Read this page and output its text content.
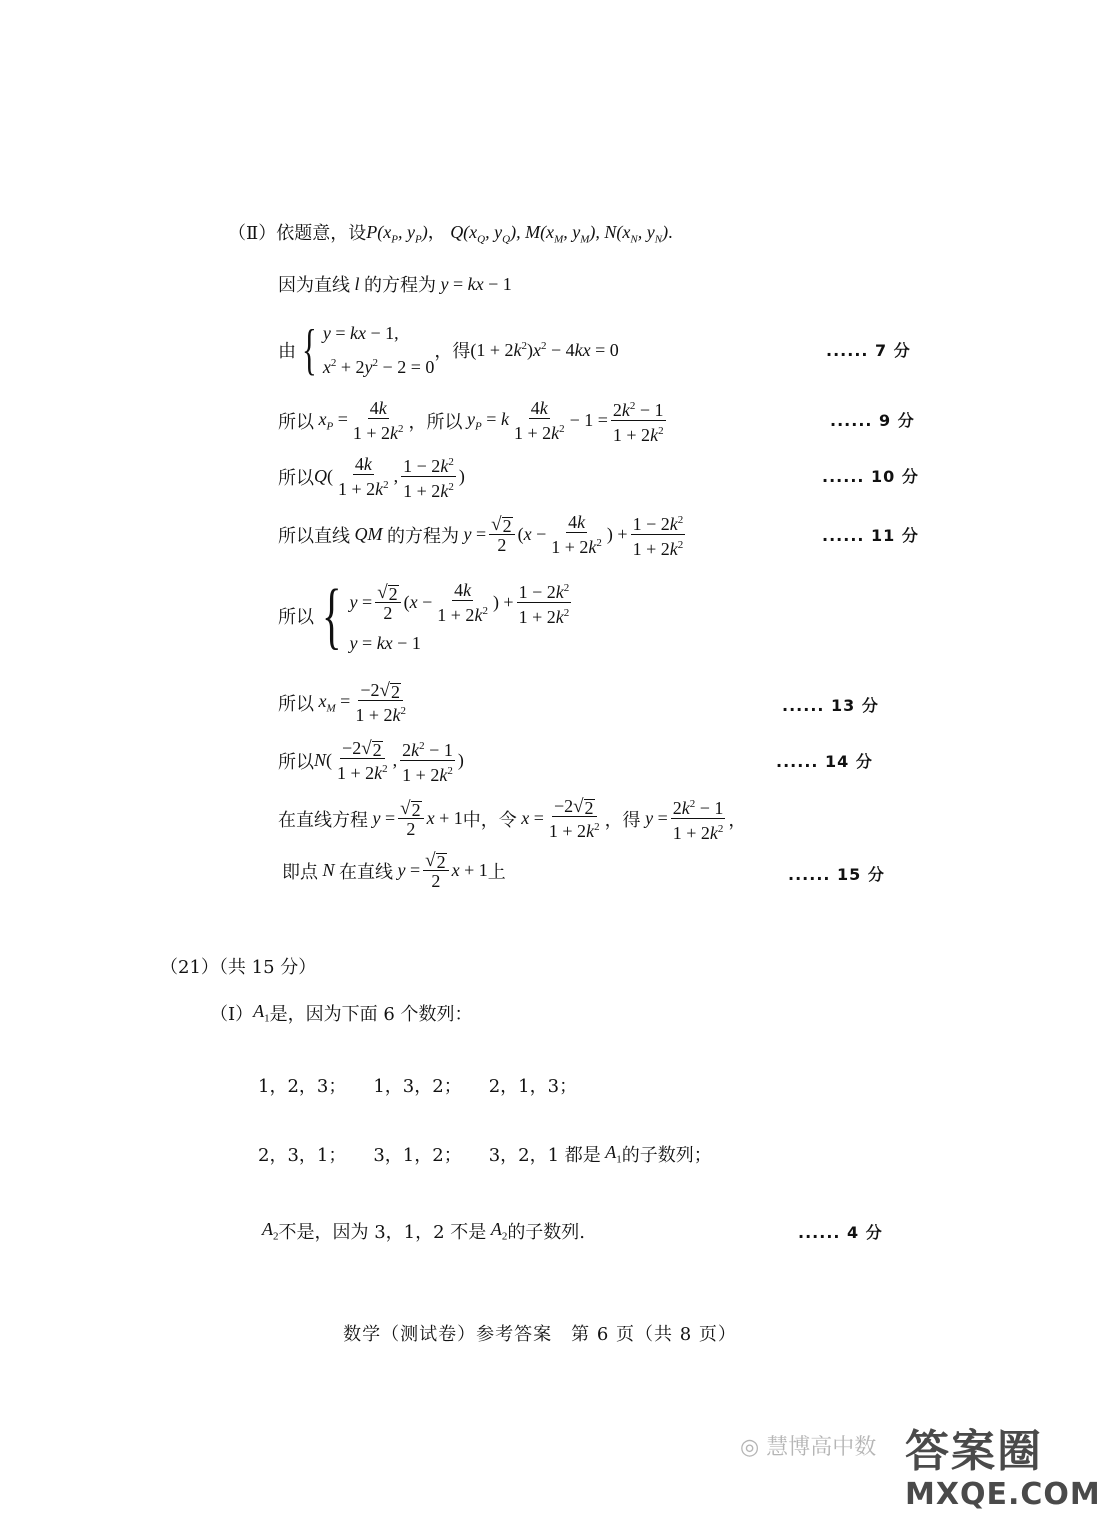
（Ⅱ）依题意，设 $P(x_P$, $y_P$)， $Q(x_Q$, $y_Q$), $M(x_M$, $y_M$), $N(x_N$, $y_N$).
因为直线 l 的方程为 y = kx − 1
由 { y = kx − 1,
$x^2 + 2y^2 - 2 = 0$
，得 $(1 + 2k^2)x^2 - 4kx = 0$	...... 7 分
所以 $x_P = \frac{4k}{1 + 2k^2}$ ，所以 $y_P = k \frac{4k}{1 + 2k^2} - 1 = \frac{2k^2 - 1}{1 + 2k^2}$	...... 9 分
所以 $Q( \frac{4k}{1 + 2k^2}$ , $\frac{1 - 2k^2}{1 + 2k^2}$ )	...... 10 分
所以直线 QM 的方程为 $y = \frac{√ 2}{2} (x - \frac{4k}{1 + 2k^2}$ ) + $\frac{1 - 2k^2}{1 + 2k^2}$	...... 11 分
所以 { $y = \frac{√ 2}{2}$ ( $x - \frac{4k}{1 + 2k^2}$ ) + $\frac{1 - 2k^2}{1 + 2k^2}$
y = kx − 1
所以 $x_M = \frac{-2 √ 2}{1 + 2k^2}$	...... 13 分
所以 $N( \frac{-2 √ 2}{1 + 2k^2}$ , $\frac{2k^2 - 1}{1 + 2k^2}$ )	...... 14 分
在直线方程 $y = \frac{√ 2}{2}$ x + 1 中，令 $x = \frac{-2 √ 2}{1 + 2k^2}$ ，得 $y = \frac{2k^2 - 1}{1 + 2k^2}$ ，
即点 N 在直线 $y = \frac{√ 2}{2}$ x + 1 上	...... 15 分
（21）（共 15 分）
（Ⅰ） $A_1$ 是，因为下面 6 个数列：
1，2，3；　　1，3，2；　　2，1，3；
2，3，1；　　3，1，2；　　3，2，1 都是 $A_1$ 的子数列；
$A_2$ 不是，因为 3，1，2 不是 $A_2$ 的子数列.	...... 4 分
数学（测试卷）参考答案　第 6 页（共 8 页）
◎ 慧博高中数 答案圈
MXQE.COM
